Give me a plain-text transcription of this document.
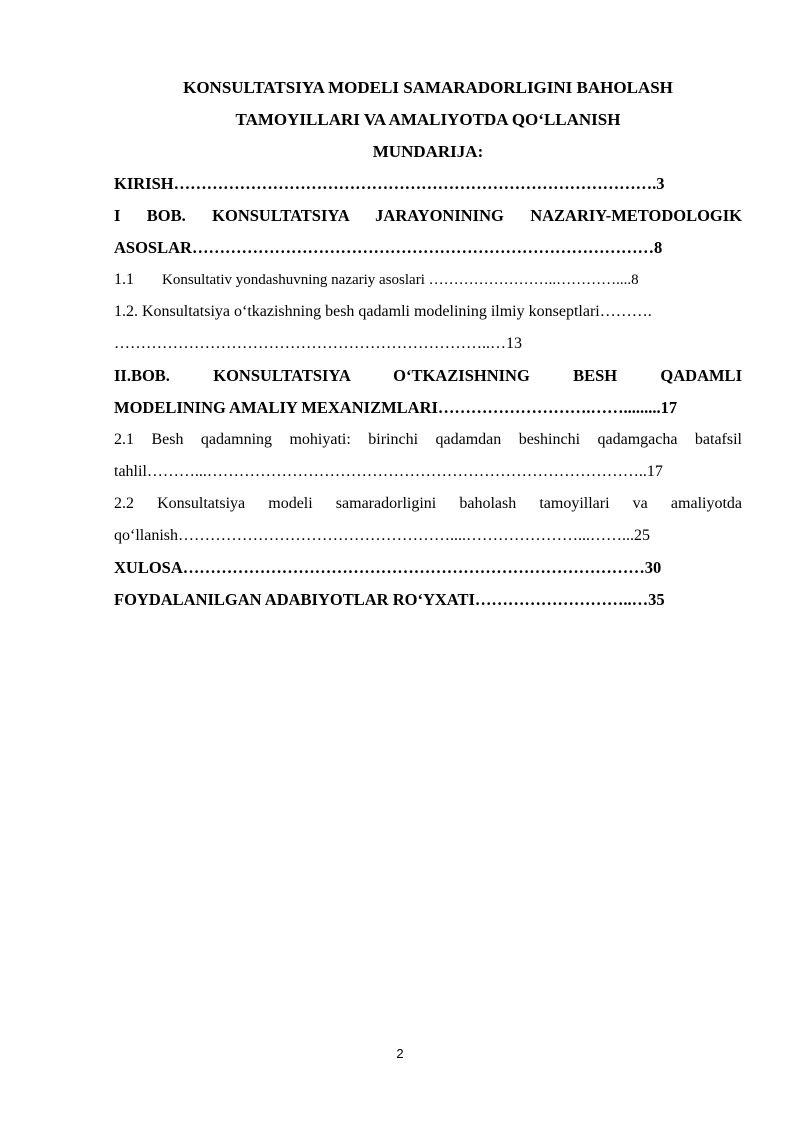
KONSULTATSIYA MODELI SAMARADORLIGINI BAHOLASH

TAMOYILLARI VA AMALIYOTDA QO‘LLANISH

MUNDARIJA:

KIRISH…………………………………………………………………………….3
I BOB. KONSULTATSIYA JARAYONINING NAZARIY-METODOLOGIK
ASOSLAR…………………………………………………………………………8
1.1 Konsultativ yondashuvning nazariy asoslari ……………………..…………....8
1.2. Konsultatsiya o‘tkazishning besh qadamli modelining ilmiy konseptlari……….
……………………………………………………………..…13
II.BOB. KONSULTATSIYA O‘TKAZISHNING BESH QADAMLI
MODELINING AMALIY MEXANIZMLARI……………………….…….........17
2.1 Besh qadamning mohiyati: birinchi qadamdan beshinchi qadamgacha batafsil
tahlil………...………………………………………………………………………..17
2.2 Konsultatsiya modeli samaradorligini baholash tamoyillari va amaliyotda
qo‘llanish……………………………………………....…………………...……...25
XULOSA…………………………………………………………………………30
FOYDALANILGAN ADABIYOTLAR RO‘YXATI………………………..…35
2
